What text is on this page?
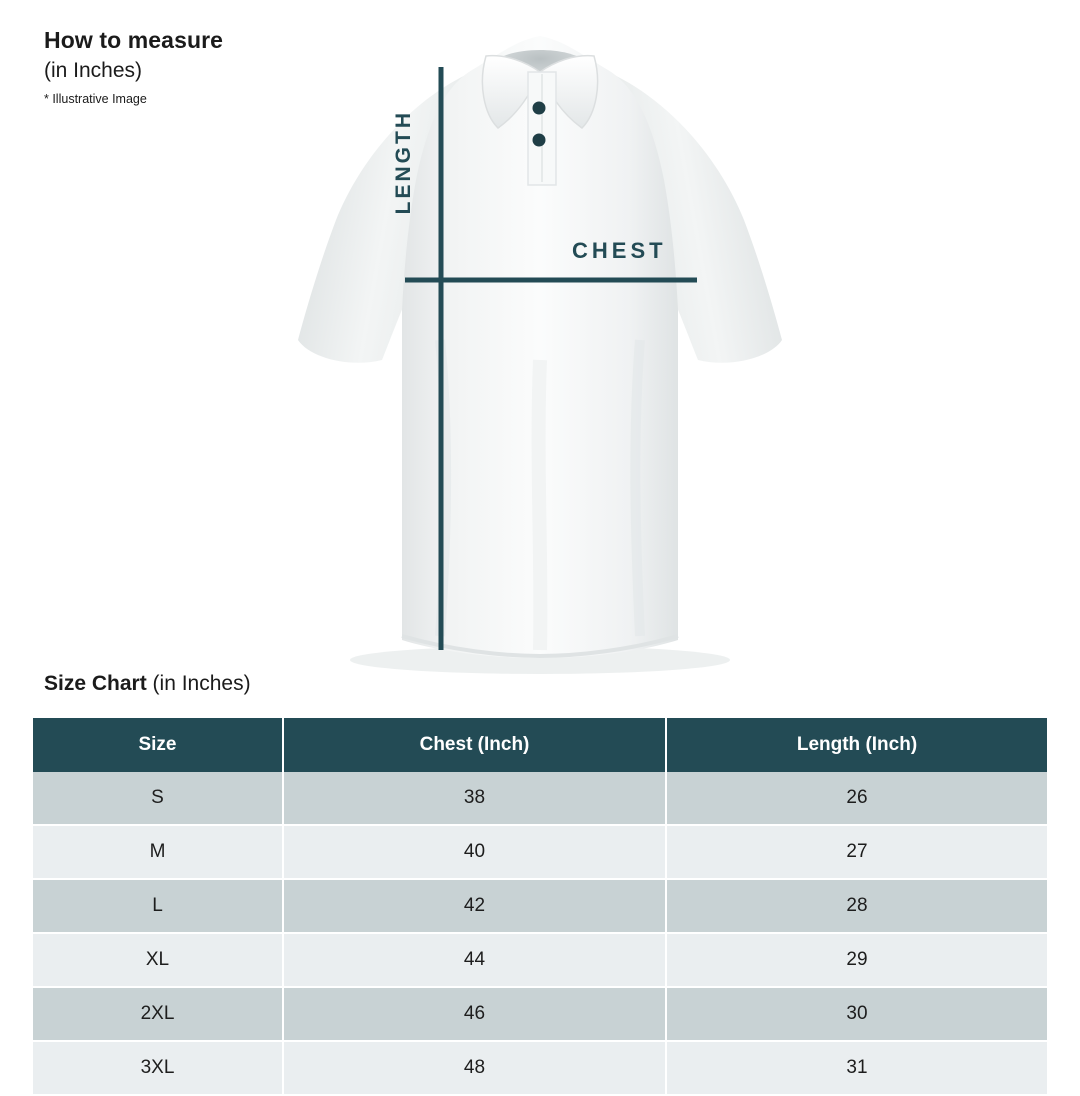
How to measure
(in Inches)
* Illustrative Image
LENGTH
CHEST
Size Chart (in Inches)
Size	Chest (Inch)	Length (Inch)
S	38	26
M	40	27
L	42	28
XL	44	29
2XL	46	30
3XL	48	31
